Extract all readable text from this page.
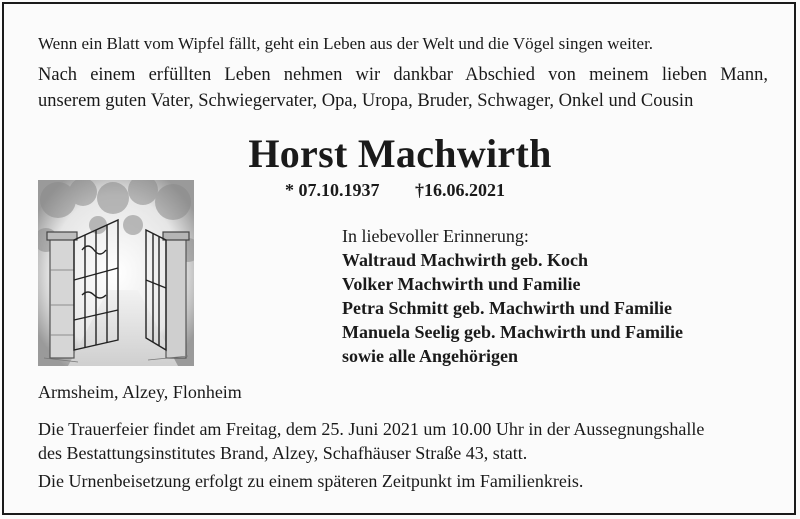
Wenn ein Blatt vom Wipfel fällt, geht ein Leben aus der Welt und die Vögel singen weiter.
Nach einem erfüllten Leben nehmen wir dankbar Abschied von meinem lieben Mann,
unserem guten Vater, Schwiegervater, Opa, Uropa, Bruder, Schwager, Onkel und Cousin
Horst Machwirth
* 07.10.1937 †16.06.2021
In liebevoller Erinnerung:
Waltraud Machwirth geb. Koch
Volker Machwirth und Familie
Petra Schmitt geb. Machwirth und Familie
Manuela Seelig geb. Machwirth und Familie
sowie alle Angehörigen
Armsheim, Alzey, Flonheim
Die Trauerfeier findet am Freitag, dem 25. Juni 2021 um 10.00 Uhr in der Aussegnungshalle
des Bestattungsinstitutes Brand, Alzey, Schafhäuser Straße 43, statt.
Die Urnenbeisetzung erfolgt zu einem späteren Zeitpunkt im Familienkreis.
